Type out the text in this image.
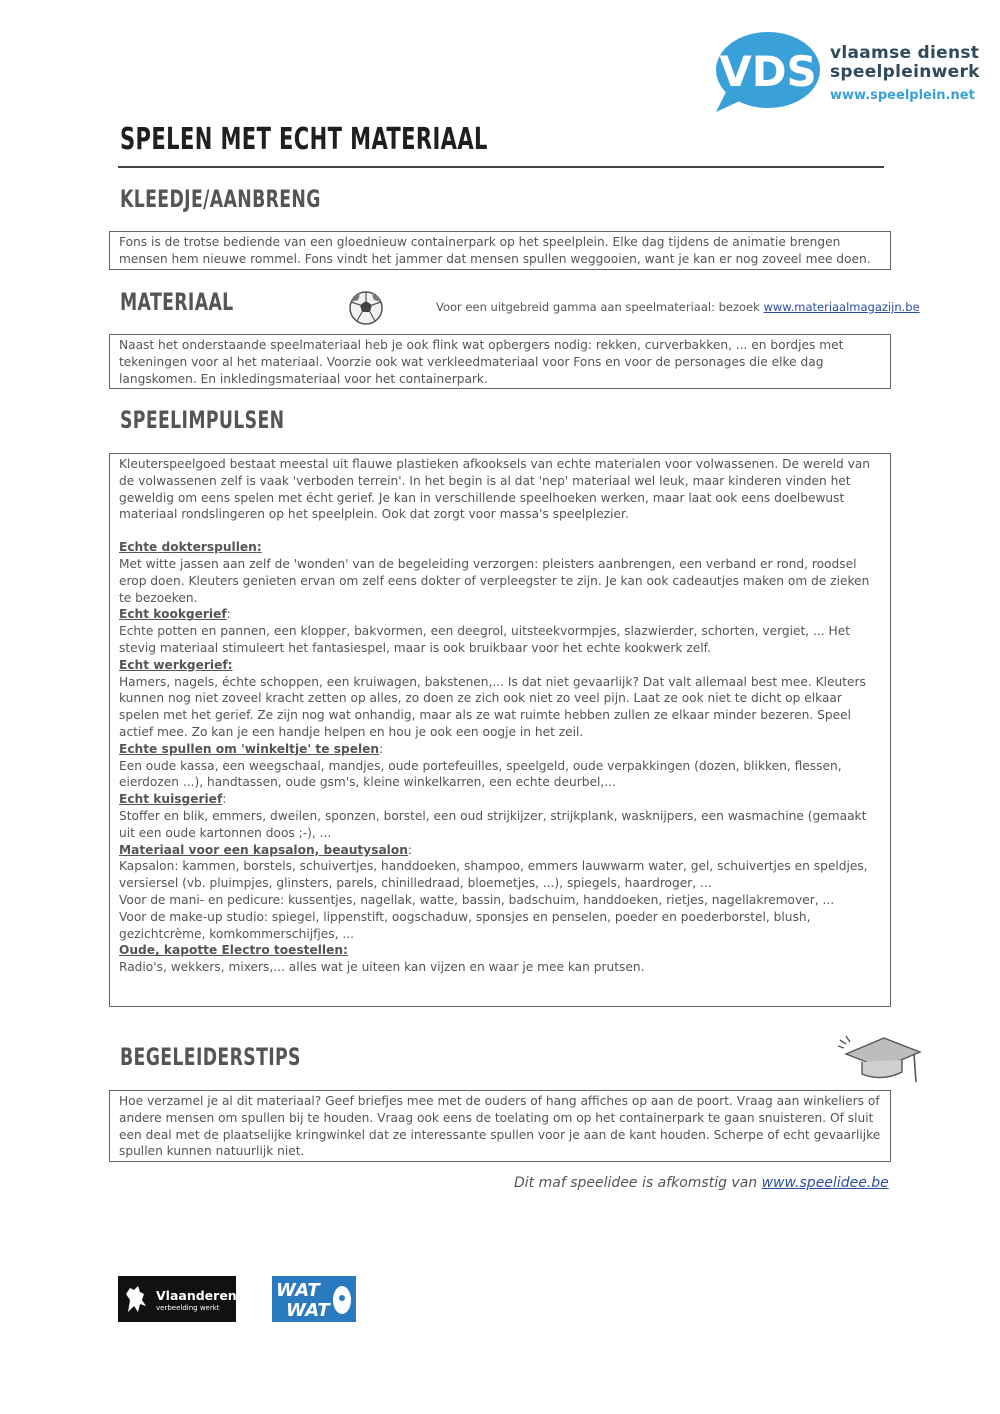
VDS vlaamse dienst
speelpleinwerk
www.speelplein.net
SPELEN MET ECHT MATERIAAL
KLEEDJE/AANBRENG

Fons is de trotse bediende van een gloednieuw containerpark op het speelplein. Elke dag tijdens de animatie brengen mensen hem nieuwe rommel. Fons vindt het jammer dat mensen spullen weggooien, want je kan er nog zoveel mee doen.

MATERIAAL	Voor een uitgebreid gamma aan speelmateriaal: bezoek www.materiaalmagazijn.be

Naast het onderstaande speelmateriaal heb je ook flink wat opbergers nodig: rekken, curverbakken, ... en bordjes met tekeningen voor al het materiaal. Voorzie ook wat verkleedmateriaal voor Fons en voor de personages die elke dag langskomen. En inkledingsmateriaal voor het containerpark.

SPEELIMPULSEN

Kleuterspeelgoed bestaat meestal uit flauwe plastieken afkooksels van echte materialen voor volwassenen. De wereld van de volwassenen zelf is vaak 'verboden terrein'. In het begin is al dat 'nep' materiaal wel leuk, maar kinderen vinden het geweldig om eens spelen met écht gerief. Je kan in verschillende speelhoeken werken, maar laat ook eens doelbewust materiaal rondslingeren op het speelplein. Ook dat zorgt voor massa's speelplezier.

Echte dokterspullen:

Met witte jassen aan zelf de 'wonden' van de begeleiding verzorgen: pleisters aanbrengen, een verband er rond, roodsel erop doen. Kleuters genieten ervan om zelf eens dokter of verpleegster te zijn. Je kan ook cadeautjes maken om de zieken te bezoeken.

Echt kookgerief:

Echte potten en pannen, een klopper, bakvormen, een deegrol, uitsteekvormpjes, slazwierder, schorten, vergiet, ... Het stevig materiaal stimuleert het fantasiespel, maar is ook bruikbaar voor het echte kookwerk zelf.

Echt werkgerief:

Hamers, nagels, échte schoppen, een kruiwagen, bakstenen,... Is dat niet gevaarlijk? Dat valt allemaal best mee. Kleuters kunnen nog niet zoveel kracht zetten op alles, zo doen ze zich ook niet zo veel pijn. Laat ze ook niet te dicht op elkaar spelen met het gerief. Ze zijn nog wat onhandig, maar als ze wat ruimte hebben zullen ze elkaar minder bezeren. Speel actief mee. Zo kan je een handje helpen en hou je ook een oogje in het zeil.

Echte spullen om 'winkeltje' te spelen:

Een oude kassa, een weegschaal, mandjes, oude portefeuilles, speelgeld, oude verpakkingen (dozen, blikken, flessen, eierdozen ...), handtassen, oude gsm's, kleine winkelkarren, een echte deurbel,...

Echt kuisgerief:

Stoffer en blik, emmers, dweilen, sponzen, borstel, een oud strijkijzer, strijkplank, wasknijpers, een wasmachine (gemaakt uit een oude kartonnen doos ;-), ...

Materiaal voor een kapsalon, beautysalon:

Kapsalon: kammen, borstels, schuivertjes, handdoeken, shampoo, emmers lauwwarm water, gel, schuivertjes en speldjes, versiersel (vb. pluimpjes, glinsters, parels, chinilledraad, bloemetjes, ...), spiegels, haardroger, ...

Voor de mani- en pedicure: kussentjes, nagellak, watte, bassin, badschuim, handdoeken, rietjes, nagellakremover, ...

Voor de make-up studio: spiegel, lippenstift, oogschaduw, sponsjes en penselen, poeder en poederborstel, blush, gezichtcrème, komkommerschijfjes, ...

Oude, kapotte Electro toestellen:

Radio's, wekkers, mixers,... alles wat je uiteen kan vijzen en waar je mee kan prutsen.

BEGELEIDERSTIPS

Hoe verzamel je al dit materiaal? Geef briefjes mee met de ouders of hang affiches op aan de poort. Vraag aan winkeliers of andere mensen om spullen bij te houden. Vraag ook eens de toelating om op het containerpark te gaan snuisteren. Of sluit een deal met de plaatselijke kringwinkel dat ze interessante spullen voor je aan de kant houden. Scherpe of echt gevaarlijke spullen kunnen natuurlijk niet.

Dit maf speelidee is afkomstig van www.speelidee.be
Vlaanderen
verbeelding werkt
WAT
WAT
